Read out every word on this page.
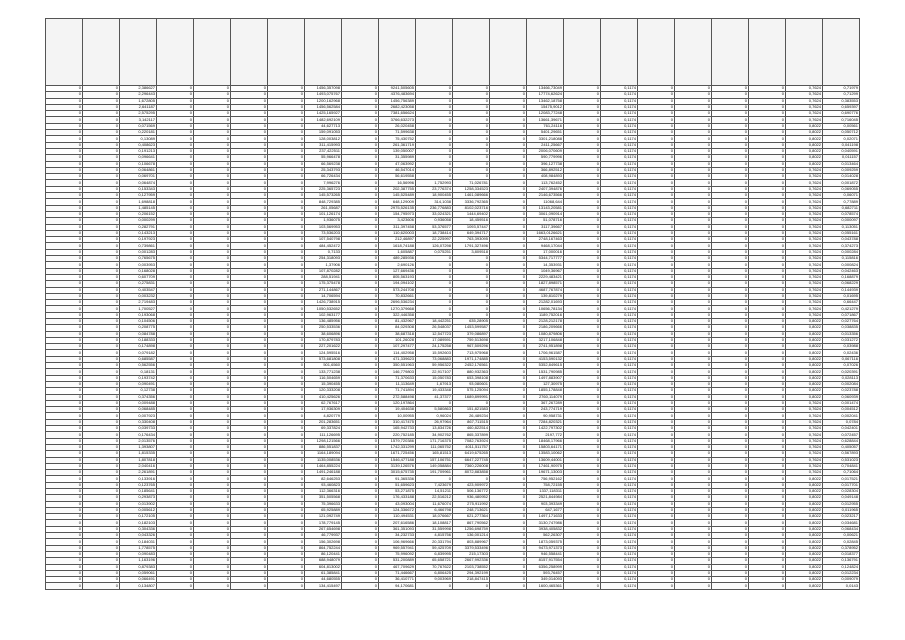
0	0	2,386627	0	0	0	0	1456,357098	0	9241,505605	0	0	0	13466,73049	0	0,1174	0	0	0	0	0,7624	0,71979
0	0	2,296443	0	0	0	0	1493,075767	0	4376,483694	0	0	0	17774,62624	0	0,1174	0	0	0	0	0,7624	0,71299
0	0	1,672805	0	0	0	0	1200,162968	0	1456,756389	0	0	0	13462,18758	0	0,1174	0	0	0	0	0,7624	0,383553
0	0	2,641187	0	0	0	0	1456,562584	0	2682,423058	0	0	0	15475,9012	0	0,1174	0	0	0	0	0,7624	0,659397
0	0	2,575295	0	0	0	0	1425,165927	0	7381,656624	0	0	0	12083,77248	0	0,1174	0	0	0	0	0,7624	0,690776
0	0	3,142117	0	0	0	0	1482,692109	0	3766,632273	0	0	0	13661,39671	0	0,1174	0	0	0	0	0,7624	0,716045
0	0	0,071569	0	0	0	0	44,627713	0	26,020458	0	0	0	761,24116	0	0,1174	0	0	0	0	0,8022	0,00561
0	0	0,220181	0	0	0	0	159,091053	0	71,599638	0	0	0	5401,29651	0	0,1174	0	0	0	0	0,8022	0,050712
0	0	0,13089	0	0	0	0	128,003812	0	75,430752	0	0	0	3301,218088	0	0,1174	0	0	0	0	0,8022	0,02071
0	0	0,408623	0	0	0	0	311,415993	0	261,361719	0	0	0	2411,25667	0	0,1174	0	0	0	0	0,8022	0,041198
0	0	0,191213	0	0	0	0	237,422511	0	139,050007	0	0	0	2006,070609	0	0,1174	0	0	0	0	0,8022	0,040591
0	0	0,096641	0	0	0	0	55,966478	0	31,355989	0	0	0	590,779996	0	0,1174	0	0	0	0	0,8022	0,011157
0	0	0,106678	0	0	0	0	66,569238	0	47,063992	0	0	0	396,127738	0	0,1174	0	0	0	0	0,8022	0,013464
0	0	0,064861	0	0	0	0	25,343793	0	46,547014	0	0	0	366,892512	0	0,1174	0	0	0	0	0,7624	0,009259
0	0	0,069701	0	0	0	0	66,726434	0	56,619558	0	0	0	408,984893	0	0,1174	0	0	0	0	0,7624	0,014028
0	0	0,064874	0	0	0	0	7,996276	0	16,56996	1,752993	71,026781	0	113,762452	0	0,1174	0	0	0	0	0,7624	0,001872
0	0	0,153343	0	0	0	0	225,365723	0	202,387755	23,776374	1258,334523	0	2407,394876	0	0,1174	0	0	0	0	0,7624	0,069055
0	0	0,127959	0	0	0	0	145,573265	0	145,525489	18,900455	1461,089666	0	2146,673566	0	0,1174	0	0	0	0	0,7624	0,06071
0	0	1,698818	0	0	0	0	848,729385	0	648,129009	314,1038	3336,792365	0	11068,644	0	0,1174	0	0	0	0	0,7624	0,77889
0	0	1,485145	0	0	0	0	261,05687	0	2975,526135	236,776883	8102,023716	0	13143,20581	0	0,1174	0	0	0	0	0,7624	0,682711
0	0	0,206152	0	0	0	0	101,126174	0	154,795973	33,024321	1444,69402	0	3061,090914	0	0,1174	0	0	0	0	0,7624	0,078574
0	0	0,000299	0	0	0	0	1,936075	0	3,423606	0,936058	18,459516	0	51,078716	0	0,1174	0	0	0	0	0,7624	0,000097
0	0	0,282791	0	0	0	0	103,569953	0	311,397458	53,376577	1093,57447	0	3117,39667	0	0,1174	0	0	0	0	0,7624	0,113051
0	0	0,143213	0	0	0	0	73,536203	0	110,620003	18,738414	649,394717	0	1663,0126621	0	0,1174	0	0	0	0	0,7624	0,055161
0	0	0,197923	0	0	0	0	107,540798	0	212,46897	22,225997	763,393095	0	2748,167463	0	0,1174	0	0	0	0	0,7624	0,043788
0	0	0,739861	0	0	0	0	484,452472	0	1618,74188	126,07298	1791,327496	0	9468,17044	0	0,1174	0	0	0	0	0,7624	0,374273
0	0	0,001283	0	0	0	0	0,7133	0	1,605887	0,075251	3,809518	0	17,000016	0	0,1174	0	0	0	0	0,7624	0,000284
0	0	0,765675	0	0	0	0	254,318093	0	489,285936	0	0	0	5344,717777	0	0,1174	0	0	0	0	0,7624	0,115816
0	0	0,003953	0	0	0	0	1,37906	0	2,690126	0	0	0	14,353931	0	0,1174	0	0	0	0	0,7624	0,000824
0	0	0,168028	0	0	0	0	107,870282	0	127,669436	0	0	0	1049,36967	0	0,1174	0	0	0	0	0,7624	0,042463
0	0	0,607709	0	0	0	0	288,51941	0	805,563193	0	0	0	2229,483421	0	0,1174	0	0	0	0	0,7624	0,168879
0	0	0,275831	0	0	0	0	175,375478	0	194,094102	0	0	0	1827,898571	0	0,1174	0	0	0	0	0,7624	0,068229
0	0	0,403547	0	0	0	0	271,144867	0	573,244708	0	0	0	4687,767874	0	0,1174	0	0	0	0	0,7624	0,144939
0	0	0,003232	0	0	0	0	14,706594	0	70,832661	0	0	0	139,810279	0	0,1174	0	0	0	0	0,7624	0,01695
0	0	2,719483	0	0	0	0	1426,738915	0	2696,536234	0	0	0	21282,01693	0	0,1174	0	0	0	0	0,7624	0,66447
0	0	1,700527	0	0	0	0	1050,532652	0	1270,379668	0	0	0	10656,78134	0	0,1174	0	0	0	0	0,7624	0,421279
0	0	0,193068	0	0	0	0	102,963177	0	322,446358	0	0	0	1189,752016	0	0,1174	0	0	0	0	0,7624	0,071867
0	0	0,104506	0	0	0	0	136,485956	0	81,432967	18,442251	635,28905	0	2128,212178	0	0,1174	0	0	0	0	0,8022	0,027764
0	0	0,208775	0	0	0	0	250,533536	0	84,029308	26,548037	1453,599587	0	2186,209666	0	0,1174	0	0	0	0	0,8022	0,038835
0	0	0,084788	0	0	0	0	38,606896	0	38,687318	12,547723	379,086897	0	1080,879806	0	0,1174	0	0	0	0	0,8022	0,013356
0	0	0,188333	0	0	0	0	170,879783	0	101,26028	17,089591	759,513698	0	3217,106848	0	0,1174	0	0	0	0	0,8022	0,031272
0	0	0,174898	0	0	0	0	227,201622	0	107,297477	24,175258	967,509296	0	2741,951898	0	0,1174	0	0	0	0	0,8022	0,03988
0	0	0,079182	0	0	0	0	124,595516	0	114,402958	15,592603	713,975968	0	1706,961587	0	0,1174	0	0	0	0	0,8022	0,02436
0	0	0,685587	0	0	0	0	573,681808	0	471,339623	73,068883	1971,174885	0	4153,590132	0	0,1174	0	0	0	0	0,8022	0,067116
0	0	0,562556	0	0	0	0	501,6560	0	350,551963	59,956322	2452,176561	0	5352,849615	0	0,1174	0	0	0	0	0,8022	0,07026
0	0	0,18131	0	0	0	0	133,771238	0	146,779803	22,917107	880,932363	0	1531,790985	0	0,1174	0	0	0	0	0,8022	0,020391
0	0	0,193742	0	0	0	0	116,504659	0	71,370633	15,050783	653,398108	0	1497,883907	0	0,1174	0	0	0	0	0,8022	0,028113
0	0	0,090491	0	0	0	0	15,390455	0	11,113649	1,67913	93,080601	0	127,30975	0	0,1174	0	0	0	0	0,8022	0,002084
0	0	0,12738	0	0	0	0	120,333208	0	71,741894	19,433348	575,125094	0	1855,178848	0	0,1174	0	0	0	0	0,8022	0,023788
0	0	0,374356	0	0	0	0	410,425626	0	272,588498	41,37377	1689,899991	0	2760,114079	0	0,1174	0	0	0	0	0,8022	0,060939
0	0	0,009488	0	0	0	0	62,767617	0	120,197864	0	0	0	367,267289	0	0,1174	0	0	0	0	0,7624	0,001474
0	0	0,068485	0	0	0	0	17,936309	0	19,404638	5,580863	151,821583	0	243,774719	0	0,1174	0	0	0	0	0,7624	0,004512
0	0	0,007923	0	0	0	0	4,820779	0	10,00955	0,96024	26,489234	0	90,958731	0	0,1174	0	0	0	0	0,7624	0,002041
0	0	0,330408	0	0	0	0	201,283651	0	310,417475	26,97964	867,711515	0	7284,820321	0	0,1174	0	0	0	0	0,7624	0,0784
0	0	0,039733	0	0	0	0	69,337824	0	165,942733	13,834726	460,822514	0	1422,797302	0	0,1174	0	0	0	0	0,7624	0,042401
0	0	0,176434	0	0	0	0	111,126695	0	220,752185	34,902762	865,337899	0	2197,772	0	0,1174	0	0	0	0	0,7624	0,072457
0	0	2,013576	0	0	0	0	1298,121566	0	1579,720386	171,716375	7082,763924	0	18468,17966	0	0,1174	0	0	0	0	0,7624	0,628844
0	0	1,393807	0	0	0	0	886,551837	0	1742,331299	111,065752	4011,511757	0	15803,64171	0	0,1174	0	0	0	0	0,7624	0,405057
0	0	1,815335	0	0	0	0	1164,189094	0	1671,725456	165,81513	6419,675265	0	13583,10062	0	0,1174	0	0	0	0	0,7624	0,567893
0	0	1,807818	0	0	0	0	1135,008536	0	1546,477188	157,106751	6647,227745	0	13609,44001	0	0,1174	0	0	0	0	0,7624	0,531023
0	0	2,040416	0	0	0	0	1464,855224	0	3139,126576	149,058884	7360,226008	0	17461,90975	0	0,1174	0	0	0	0	0,7624	0,704841
0	0	2,261891	0	0	0	0	1491,246188	0	3015,675735	191,709961	8072,883858	0	19671,13003	0	0,1174	0	0	0	0	0,7624	0,71064
0	0	0,133916	0	0	0	0	82,646253	0	91,365336	0	0	0	756,952162	0	0,1174	0	0	0	0	0,8022	0,017521
0	0	0,123765	0	0	0	0	93,460823	0	51,659623	7,423679	423,909972	0	758,72155	0	0,1174	0	0	0	0	0,8022	0,017701
0	0	0,185641	0	0	0	0	112,366316	0	53,271875	14,51211	506,136772	0	1337,118311	0	0,1174	0	0	0	0	0,8022	0,028304
0	0	0,293873	0	0	0	0	351,505568	0	176,433188	22,516212	936,480952	0	2521,844984	0	0,1174	0	0	0	0	0,8022	0,049148
0	0	0,013902	0	0	0	0	75,396633	0	43,093004	11,676074	275,911992	0	903,393349	0	0,1174	0	0	0	0	0,8022	0,012955
0	0	0,005612	0	0	0	0	65,925889	0	124,336672	6,466798	248,713621	0	647,1677	0	0,1174	0	0	0	0	0,8022	0,011965
0	0	0,172105	0	0	0	0	121,092749	0	110,494531	18,076667	621,277364	0	1497,171633	0	0,1174	0	0	0	0	0,8022	0,023217
0	0	0,182103	0	0	0	0	178,779145	0	207,616586	18,108817	867,790562	0	3130,747986	0	0,1174	0	0	0	0	0,8022	0,034681
0	0	0,304336	0	0	0	0	267,654698	0	361,351093	31,559998	1256,698759	0	3938,405832	0	0,1174	0	0	0	0	0,8022	0,068434
0	0	0,043326	0	0	0	0	46,779937	0	34,232733	4,815756	136,001214	0	562,26307	0	0,1174	0	0	0	0	0,8022	0,00621
0	0	0,184031	0	0	0	0	156,302698	0	106,969666	20,331794	803,889967	0	1873,059375	0	0,1174	0	0	0	0	0,8022	0,02845
0	0	1,778575	0	0	0	0	864,752244	0	969,557941	59,425709	3379,533496	0	9473,971373	0	0,1174	0	0	0	0	0,8022	0,378952
0	0	0,090483	0	0	0	0	86,120441	0	75,996092	6,839995	215,17303	0	946,558441	0	0,1174	0	0	0	0	0,8022	0,018377
0	0	1,163196	0	0	0	0	688,948079	0	531,200889	65,658721	2667,992336	0	8157,917554	0	0,1174	0	0	0	0	0,8022	0,136791
0	0	0,879383	0	0	0	0	604,813002	0	467,709629	70,767622	2103,738552	0	6356,258999	0	0,1174	0	0	0	0	0,8022	0,124824
0	0	0,059061	0	0	0	0	61,385841	0	71,446667	6,806425	294,392199	0	593,76457	0	0,1174	0	0	0	0	0,8022	0,012234
0	0	0,066491	0	0	0	0	44,680555	0	36,410771	9,003969	218,847415	0	349,014093	0	0,1174	0	0	0	0	0,8022	0,009079
0	0	0,134807	0	0	0	0	134,415497	0	94,170681	0	0	0	1600,465361	0	0,1174	0	0	0	0	0,8022	0,0143
